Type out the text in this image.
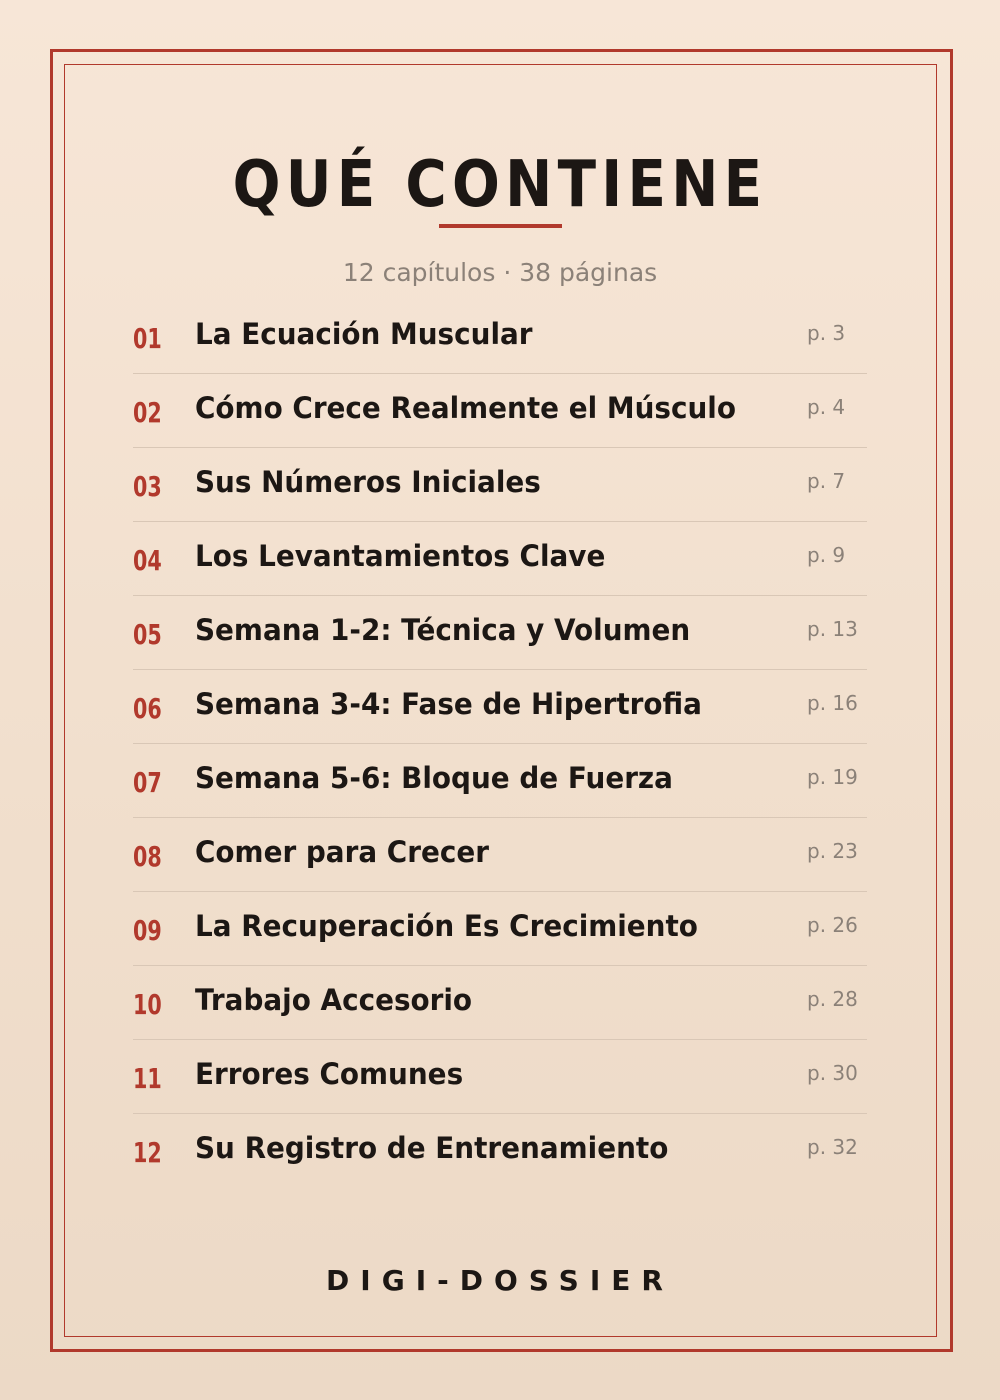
QUÉ CONTIENE
12 capítulos · 38 páginas
01 La Ecuación Muscular	p. 3
02 Cómo Crece Realmente el Músculo	p. 4
03 Sus Números Iniciales	p. 7
04 Los Levantamientos Clave	p. 9
05 Semana 1-2: Técnica y Volumen	p. 13
06 Semana 3-4: Fase de Hipertrofia	p. 16
07 Semana 5-6: Bloque de Fuerza	p. 19
08 Comer para Crecer	p. 23
09 La Recuperación Es Crecimiento	p. 26
10 Trabajo Accesorio	p. 28
11 Errores Comunes	p. 30
12 Su Registro de Entrenamiento	p. 32
DIGI-DOSSIER
